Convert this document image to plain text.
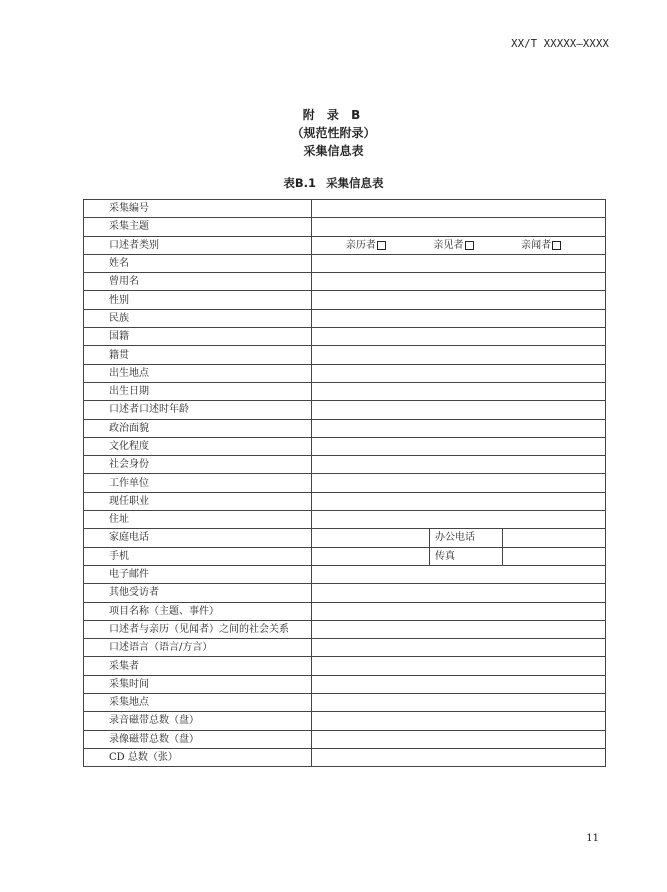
XX/T XXXXX—XXXX
附 录 B
（规范性附录）
采集信息表
表B.1 采集信息表
采集编号			
采集主题			
口述者类别	亲历者 亲见者 亲闻者		

姓名			
曾用名			
性别			
民族			
国籍			
籍贯			
出生地点			
出生日期			
口述者口述时年龄			
政治面貌			
文化程度			
社会身份			
工作单位			
现任职业			
住址			
家庭电话		办公电话	
手机		传真	
电子邮件			
其他受访者			
项目名称（主题、事件）			
口述者与亲历（见闻者）之间的社会关系			
口述语言（语言/方言）			
采集者			
采集时间			
采集地点			
录音磁带总数（盘）			
录像磁带总数（盘）			
CD 总数（张）			
11
